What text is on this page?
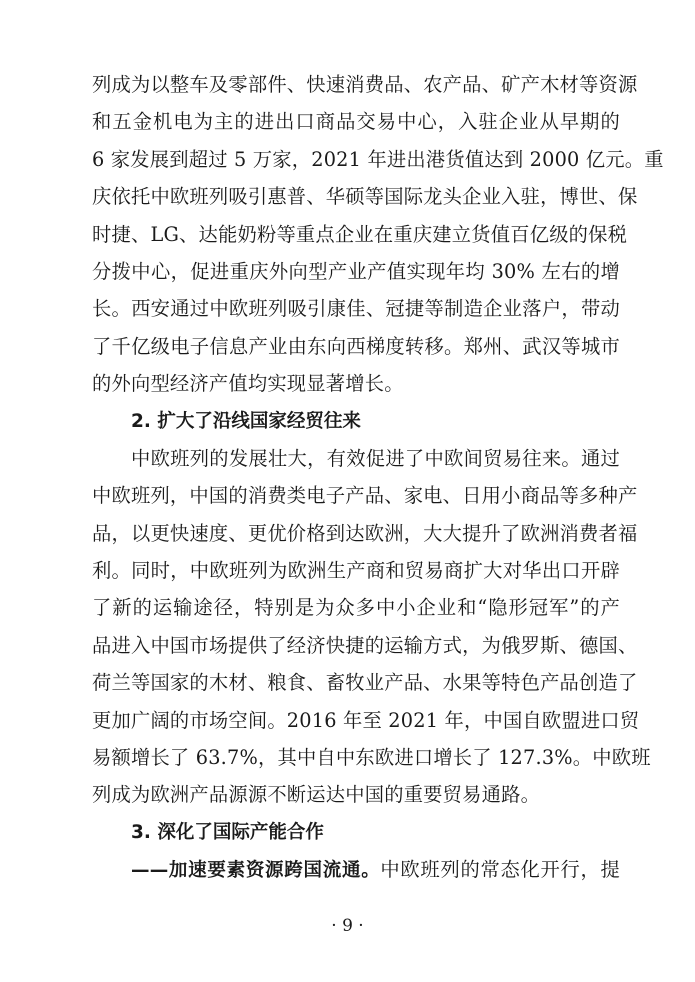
列成为以整车及零部件、快速消费品、农产品、矿产木材等资源
和五金机电为主的进出口商品交易中心，入驻企业从早期的
6 家发展到超过 5 万家，2021 年进出港货值达到 2000 亿元。重
庆依托中欧班列吸引惠普、华硕等国际龙头企业入驻，博世、保
时捷、LG、达能奶粉等重点企业在重庆建立货值百亿级的保税
分拨中心，促进重庆外向型产业产值实现年均 30% 左右的增
长。西安通过中欧班列吸引康佳、冠捷等制造企业落户，带动
了千亿级电子信息产业由东向西梯度转移。郑州、武汉等城市
的外向型经济产值均实现显著增长。
2. 扩大了沿线国家经贸往来
中欧班列的发展壮大，有效促进了中欧间贸易往来。通过
中欧班列，中国的消费类电子产品、家电、日用小商品等多种产
品，以更快速度、更优价格到达欧洲，大大提升了欧洲消费者福
利。同时，中欧班列为欧洲生产商和贸易商扩大对华出口开辟
了新的运输途径，特别是为众多中小企业和“隐形冠军”的产
品进入中国市场提供了经济快捷的运输方式，为俄罗斯、德国、
荷兰等国家的木材、粮食、畜牧业产品、水果等特色产品创造了
更加广阔的市场空间。2016 年至 2021 年，中国自欧盟进口贸
易额增长了 63.7%，其中自中东欧进口增长了 127.3%。中欧班
列成为欧洲产品源源不断运达中国的重要贸易通路。
3. 深化了国际产能合作
——加速要素资源跨国流通。中欧班列的常态化开行，提
· 9 ·
